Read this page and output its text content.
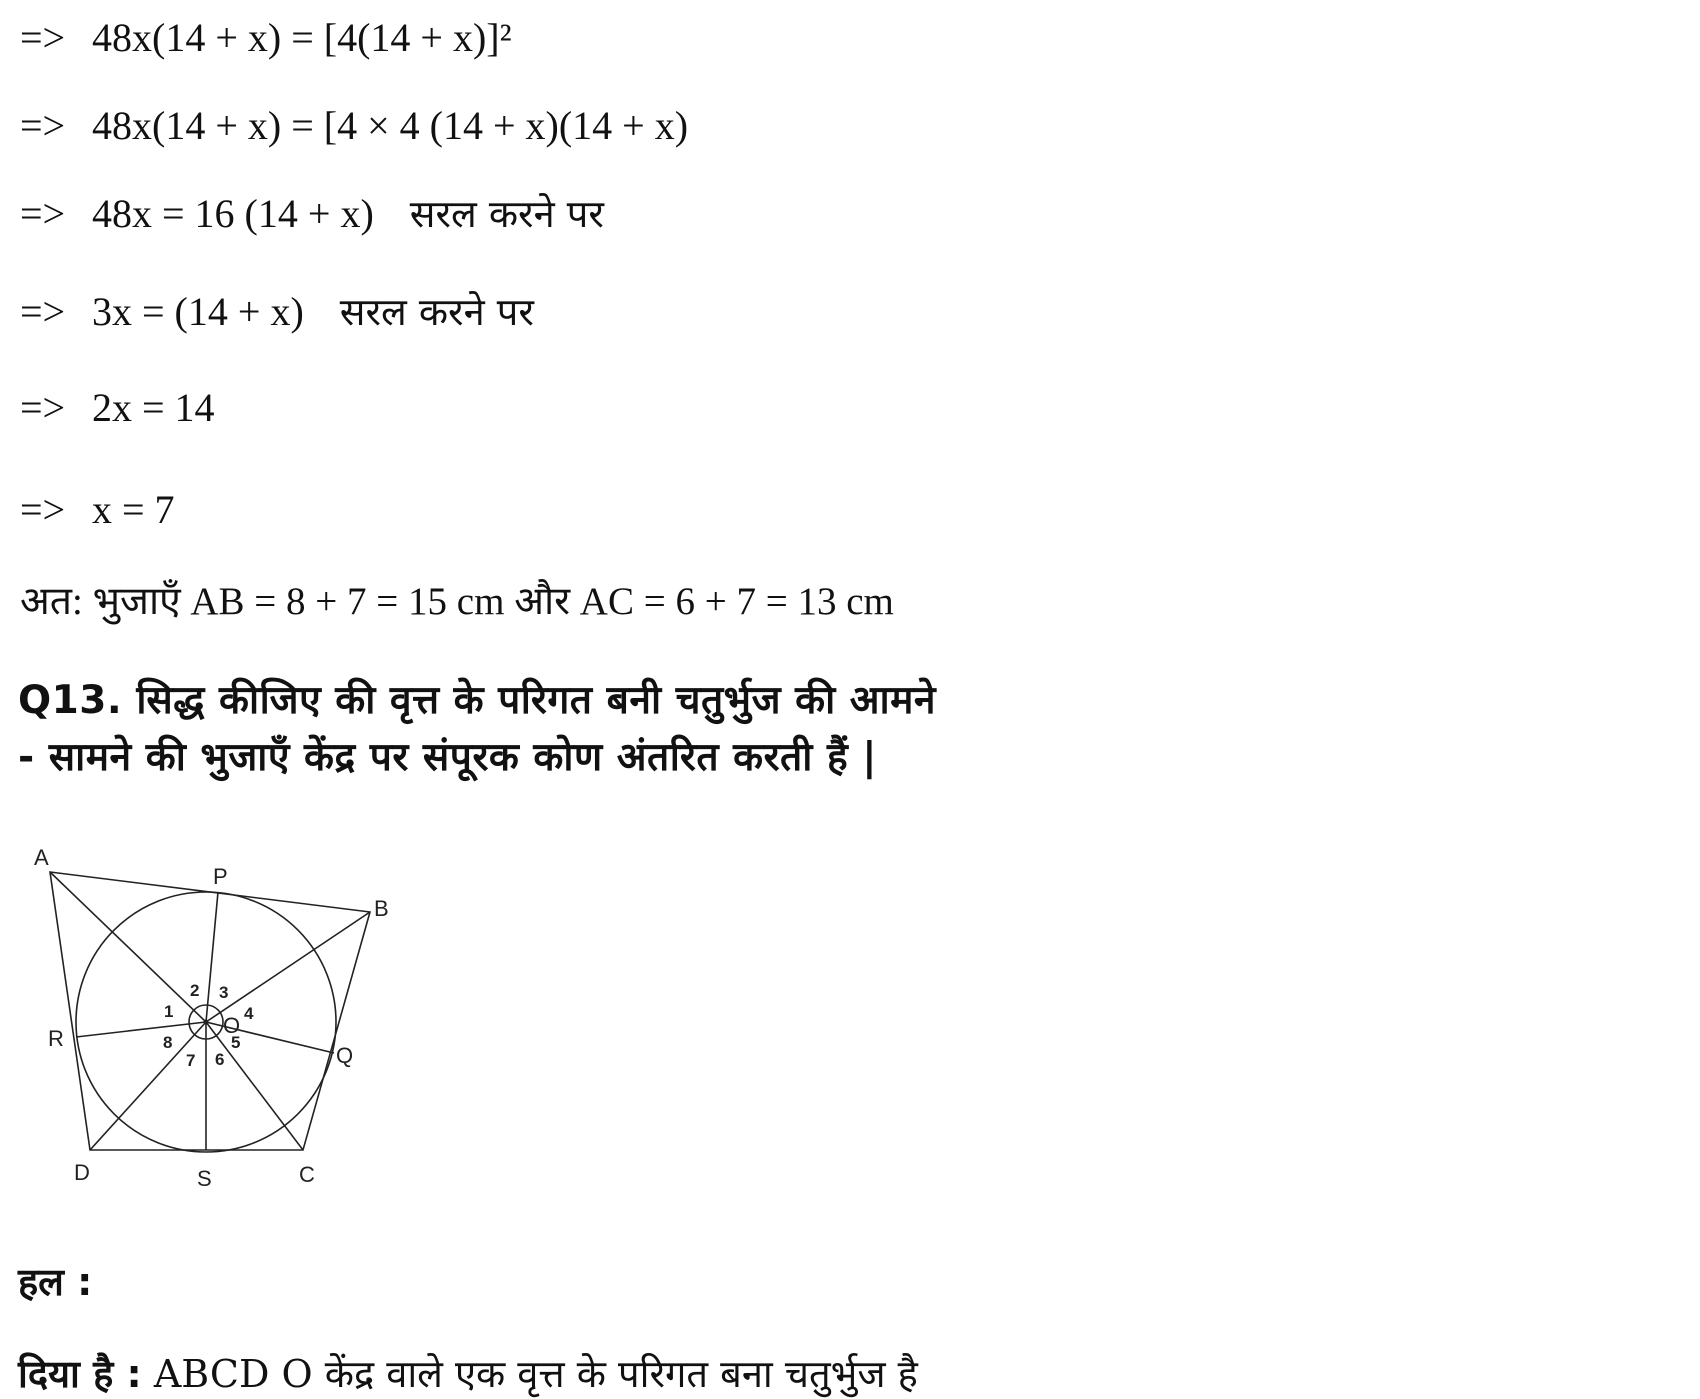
=> 48x(14 + x) = [4(14 + x)]²
=> 48x(14 + x) = [4 × 4 (14 + x)(14 + x)
=> 48x = 16 (14 + x) सरल करने पर
=> 3x = (14 + x) सरल करने पर
=> 2x = 14
=> x = 7
अत: भुजाएँ AB = 8 + 7 = 15 cm और AC = 6 + 7 = 13 cm
Q13. सिद्ध कीजिए की वृत्त के परिगत बनी चतुर्भुज की आमने
- सामने की भुजाएँ केंद्र पर संपूरक कोण अंतरित करती हैं |
A
B
C
D
P
Q
S
R
O
1
2 3
4
5
6
7
8
हल :
दिया है : ABCD O केंद्र वाले एक वृत्त के परिगत बना चतुर्भुज है
